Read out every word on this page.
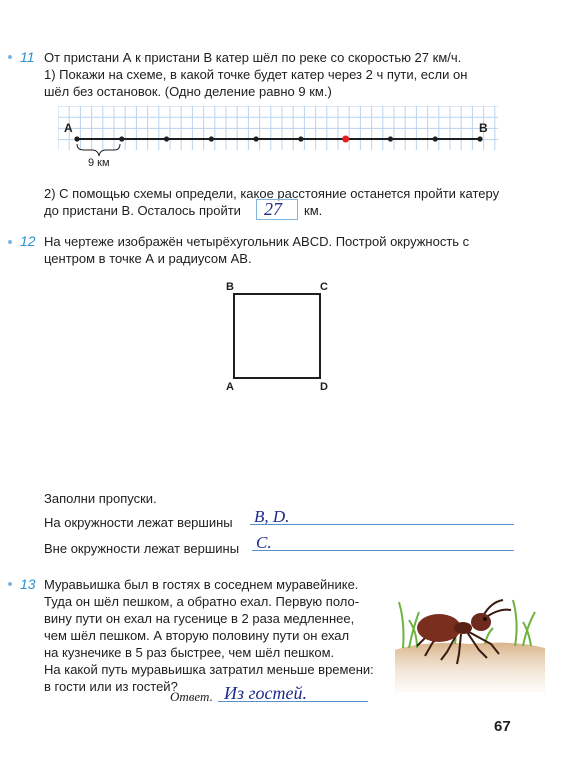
11 От пристани А к пристани В катер шёл по реке со скоростью 27 км/ч.
1) Покажи на схеме, в какой точке будет катер через 2 ч пути, если он
шёл без остановок. (Одно деление равно 9 км.)
A	B
9 км
2) С помощью схемы определи, какое расстояние останется пройти катеру
до пристани В. Осталось пройти 27 км.
12 На чертеже изображён четырёхугольник ABCD. Построй окружность с
центром в точке А и радиусом АВ.
B	C
A	D
Заполни пропуски.
На окружности лежат вершины B, D.
Вне окружности лежат вершины C.
13 Муравьишка был в гостях в соседнем муравейнике.
Туда он шёл пешком, а обратно ехал. Первую поло-
вину пути он ехал на гусенице в 2 раза медленнее,
чем шёл пешком. А вторую половину пути он ехал
на кузнечике в 5 раз быстрее, чем шёл пешком.
На какой путь муравьишка затратил меньше времени:
в гости или из гостей?
Ответ. Из гостей.
67
